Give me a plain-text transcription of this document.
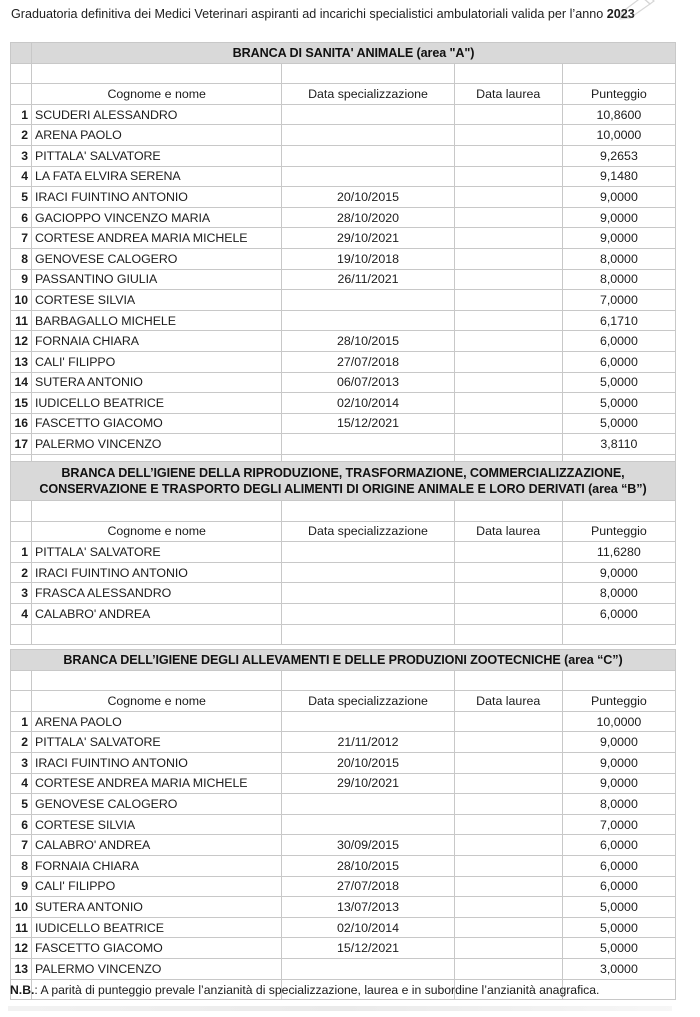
Graduatoria definitiva dei Medici Veterinari aspiranti ad incarichi specialistici ambulatoriali valida per l’anno 2023
	BRANCA DI SANITA' ANIMALE (area "A")			

	Cognome e nome	Data specializzazione	Data laurea	Punteggio
1	SCUDERI ALESSANDRO			10,8600
2	ARENA PAOLO			10,0000
3	PITTALA' SALVATORE			9,2653
4	LA FATA ELVIRA SERENA			9,1480
5	IRACI FUINTINO ANTONIO	20/10/2015		9,0000
6	GACIOPPO VINCENZO MARIA	28/10/2020		9,0000
7	CORTESE ANDREA MARIA MICHELE	29/10/2021		9,0000
8	GENOVESE CALOGERO	19/10/2018		8,0000
9	PASSANTINO GIULIA	26/11/2021		8,0000
10	CORTESE SILVIA			7,0000
11	BARBAGALLO MICHELE			6,1710
12	FORNAIA CHIARA	28/10/2015		6,0000
13	CALI' FILIPPO	27/07/2018		6,0000
14	SUTERA ANTONIO	06/07/2013		5,0000
15	IUDICELLO BEATRICE	02/10/2014		5,0000
16	FASCETTO GIACOMO	15/12/2021		5,0000
17	PALERMO VINCENZO			3,8110

BRANCA DELL’IGIENE DELLA RIPRODUZIONE, TRASFORMAZIONE, COMMERCIALIZZAZIONE,
CONSERVAZIONE E TRASPORTO DEGLI ALIMENTI DI ORIGINE ANIMALE E LORO DERIVATI (area “B”)				

	Cognome e nome	Data specializzazione	Data laurea	Punteggio
1	PITTALA' SALVATORE			11,6280
2	IRACI FUINTINO ANTONIO			9,0000
3	FRASCA ALESSANDRO			8,0000
4	CALABRO' ANDREA			6,0000

BRANCA DELL’IGIENE DEGLI ALLEVAMENTI E DELLE PRODUZIONI ZOOTECNICHE (area “C”)				

	Cognome e nome	Data specializzazione	Data laurea	Punteggio
1	ARENA PAOLO			10,0000
2	PITTALA' SALVATORE	21/11/2012		9,0000
3	IRACI FUINTINO ANTONIO	20/10/2015		9,0000
4	CORTESE ANDREA MARIA MICHELE	29/10/2021		9,0000
5	GENOVESE CALOGERO			8,0000
6	CORTESE SILVIA			7,0000
7	CALABRO' ANDREA	30/09/2015		6,0000
8	FORNAIA CHIARA	28/10/2015		6,0000
9	CALI' FILIPPO	27/07/2018		6,0000
10	SUTERA ANTONIO	13/07/2013		5,0000
11	IUDICELLO BEATRICE	02/10/2014		5,0000
12	FASCETTO GIACOMO	15/12/2021		5,0000
13	PALERMO VINCENZO			3,0000

N.B.: A parità di punteggio prevale l’anzianità di specializzazione, laurea e in subordine l’anzianità anagrafica.
